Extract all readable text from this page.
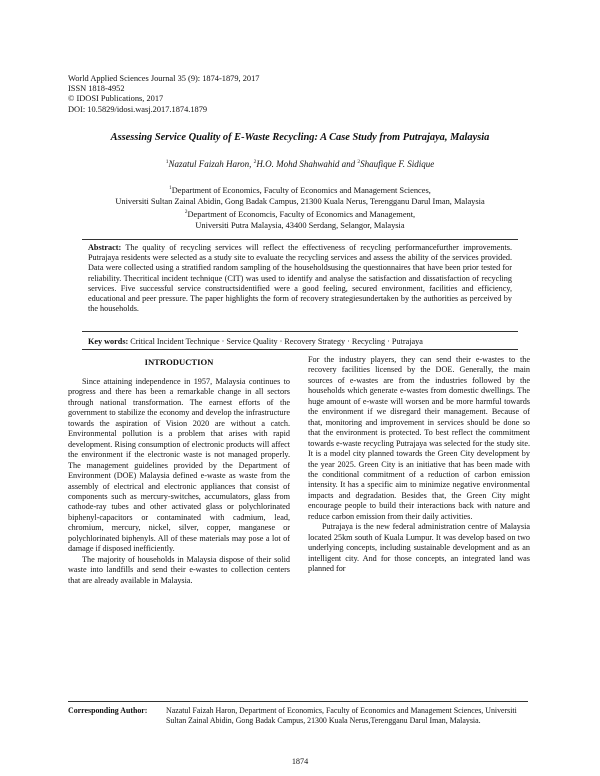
World Applied Sciences Journal 35 (9): 1874-1879, 2017
ISSN 1818-4952
© IDOSI Publications, 2017
DOI: 10.5829/idosi.wasj.2017.1874.1879
Assessing Service Quality of E-Waste Recycling: A Case Study from Putrajaya, Malaysia
$^1$Nazatul Faizah Haron, $^2$H.O. Mohd Shahwahid and $^2$Shaufique F. Sidique
$^1$Department of Economics, Faculty of Economics and Management Sciences,
Universiti Sultan Zainal Abidin, Gong Badak Campus, 21300 Kuala Nerus, Terengganu Darul Iman, Malaysia
$^2$Department of Economcis, Faculty of Economics and Management,
Universiti Putra Malaysia, 43400 Serdang, Selangor, Malaysia
Abstract: The quality of recycling services will reflect the effectiveness of recycling performancefurther improvements. Putrajaya residents were selected as a study site to evaluate the recycling services and assess the ability of the services provided. Data were collected using a stratified random sampling of the householdsusing the questionnaires that have been prior tested for reliability. Thecritical incident technique (CIT) was used to identify and analyse the satisfaction and dissatisfaction of recycling services. Five successful service constructsidentified were a good feeling, secured environment, facilities and efficiency, educational and peer pressure. The paper highlights the form of recovery strategiesundertaken by the authorities as perceived by the households.
Key words: Critical Incident Technique · Service Quality · Recovery Strategy · Recycling · Putrajaya
INTRODUCTION

Since attaining independence in 1957, Malaysia continues to progress and there has been a remarkable change in all sectors through national transformation. The earnest efforts of the government to stabilize the economy and develop the infrastructure towards the aspiration of Vision 2020 are without a catch. Environmental pollution is a problem that arises with rapid development. Rising consumption of electronic products will affect the environment if the electronic waste is not managed properly. The management guidelines provided by the Department of Environment (DOE) Malaysia defined e-waste as waste from the assembly of electrical and electronic appliances that consist of components such as mercury-switches, accumulators, glass from cathode-ray tubes and other activated glass or polychlorinated biphenyl-capacitors or contaminated with cadmium, lead, chromium, mercury, nickel, silver, copper, manganese or polychlorinated biphenyls. All of these materials may pose a lot of damage if disposed inefficiently.

The majority of households in Malaysia dispose of their solid waste into landfills and send their e-wastes to collection centers that are already available in Malaysia.

For the industry players, they can send their e-wastes to the recovery facilities licensed by the DOE. Generally, the main sources of e-wastes are from the industries followed by the households which generate e-wastes from domestic dwellings. The huge amount of e-waste will worsen and be more harmful towards the environment if we disregard their management. Because of that, monitoring and improvement in services should be done so that the environment is protected. To best reflect the commitment towards e-waste recycling Putrajaya was selected for the study site. It is a model city planned towards the Green City development by the year 2025. Green City is an initiative that has been made with the conditional commitment of a reduction of carbon emission intensity. It has a specific aim to minimize negative environmental impacts and degradation. Besides that, the Green City might encourage people to build their interactions back with nature and reduce carbon emission from their daily activities.

Putrajaya is the new federal administration centre of Malaysia located 25km south of Kuala Lumpur. It was develop based on two underlying concepts, including sustainable development and as an intelligent city. And for those concepts, an integrated land was planned for

Corresponding Author: Nazatul Faizah Haron, Department of Economics, Faculty of Economics and Management Sciences, Universiti Sultan Zainal Abidin, Gong Badak Campus, 21300 Kuala Nerus,Terengganu Darul Iman, Malaysia.
1874
